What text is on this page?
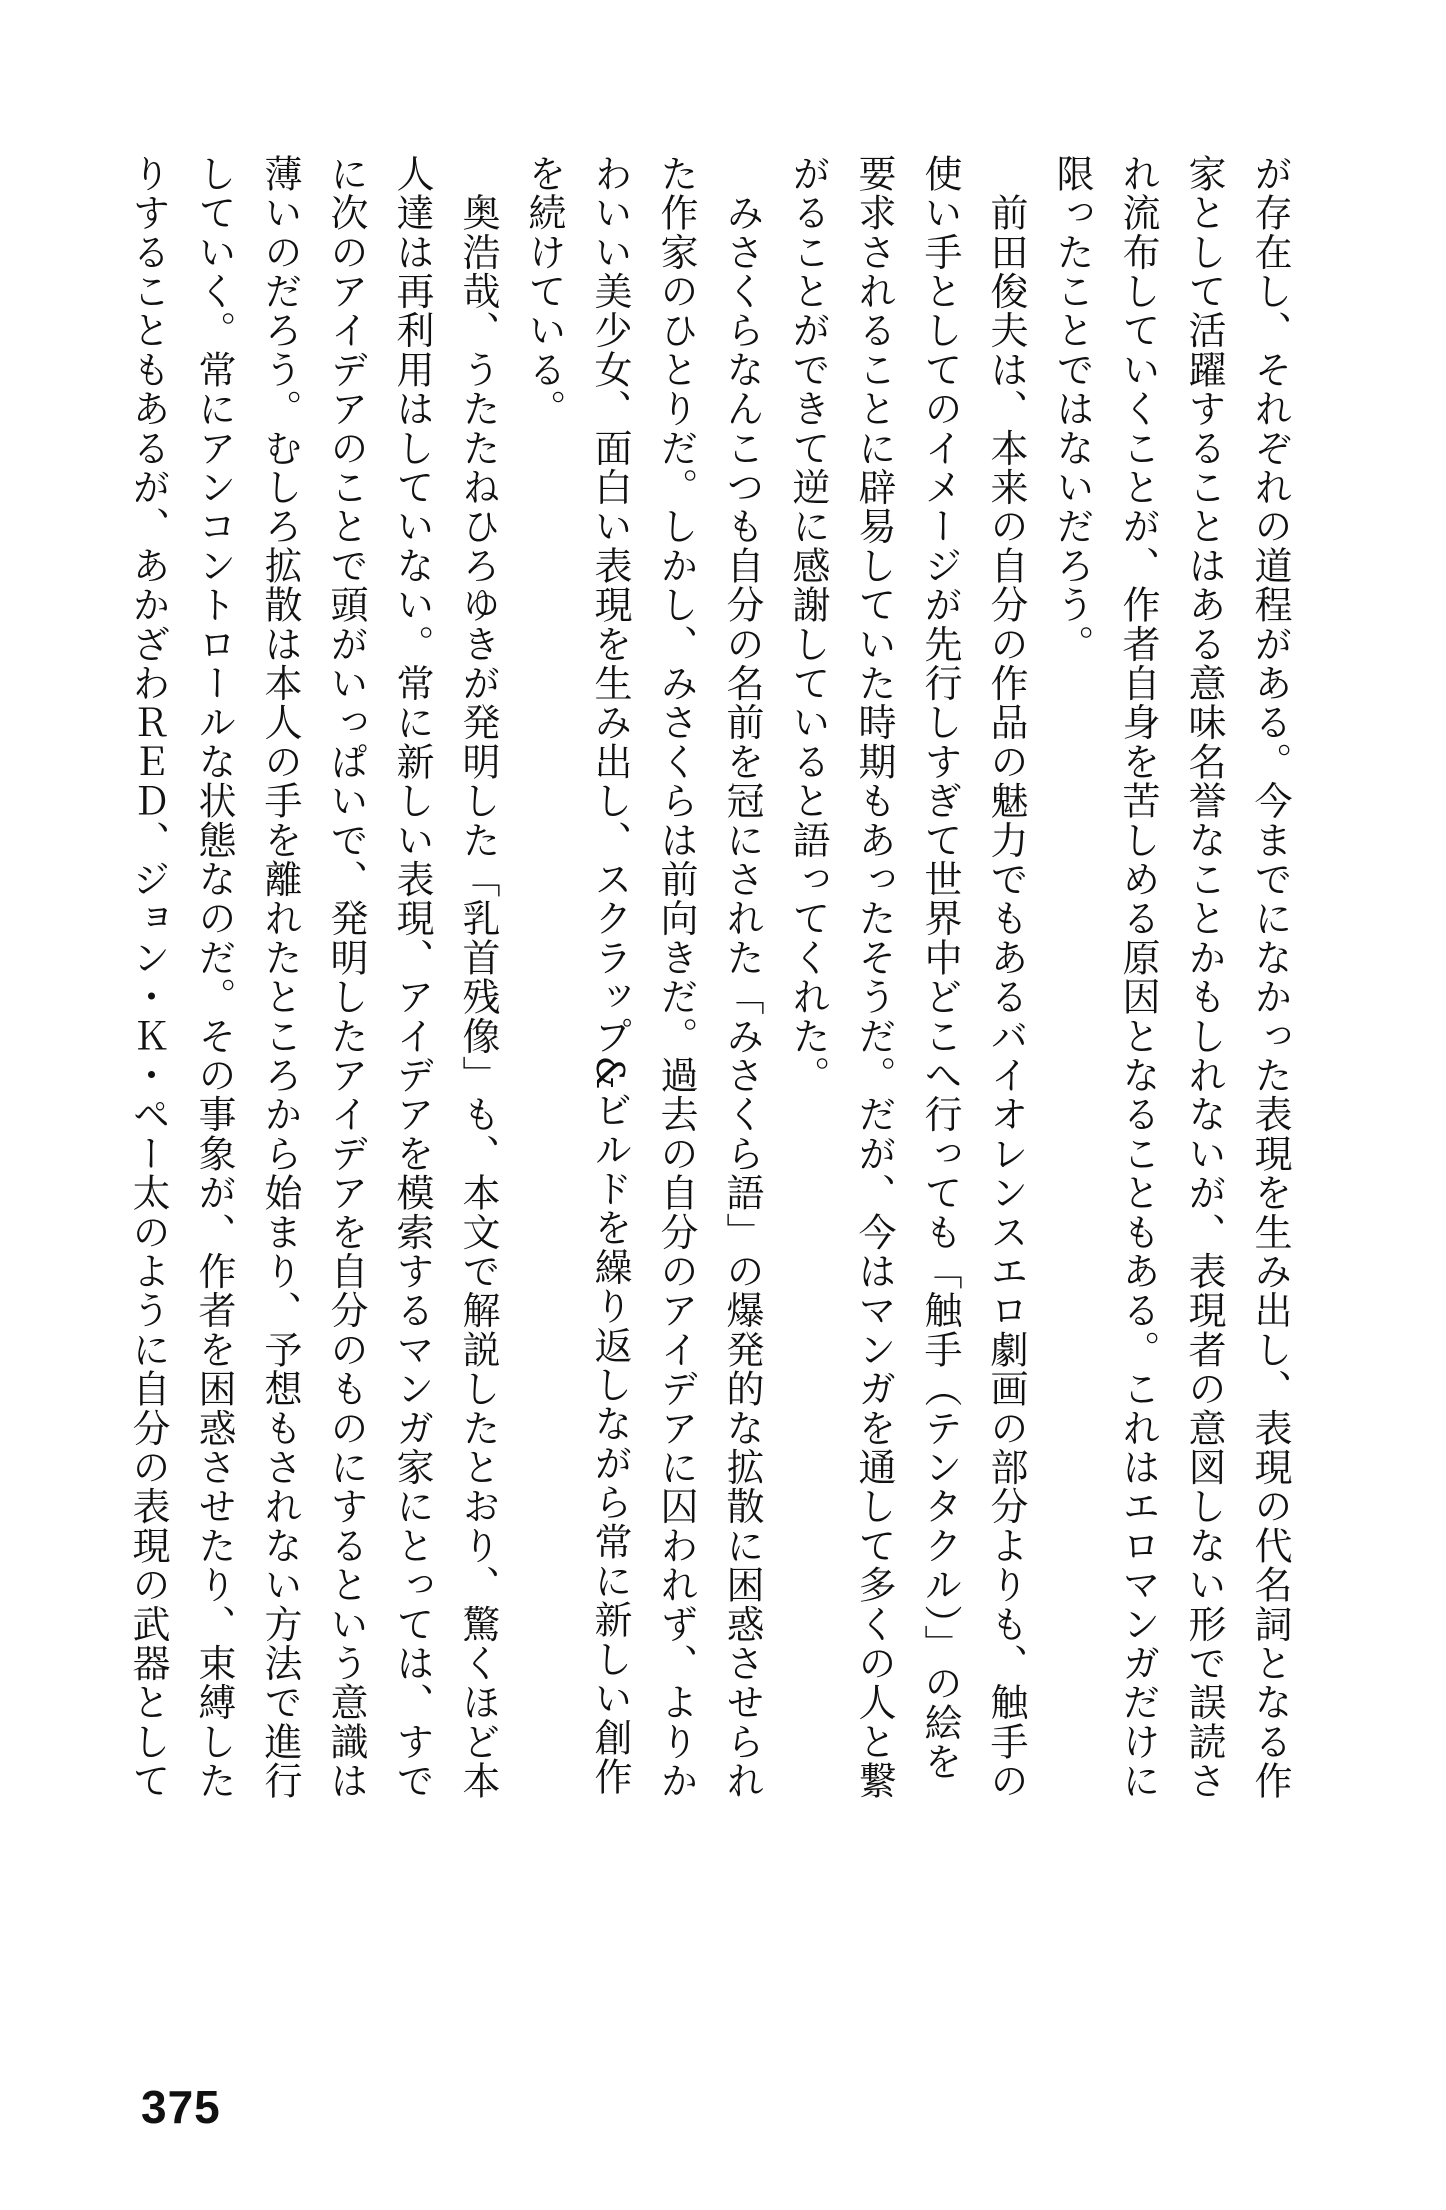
が存在し、それぞれの道程がある。今までになかった表現を生み出し、表現の代名詞となる作
家として活躍することはある意味名誉なことかもしれないが、表現者の意図しない形で誤読さ
れ流布していくことが、作者自身を苦しめる原因となることもある。これはエロマンガだけに
限ったことではないだろう。
　前田俊夫は、本来の自分の作品の魅力でもあるバイオレンスエロ劇画の部分よりも、触手の
使い手としてのイメージが先行しすぎて世界中どこへ行っても「触手（テンタクル）」の絵を
要求されることに辟易していた時期もあったそうだ。だが、今はマンガを通して多くの人と繋
がることができて逆に感謝していると語ってくれた。
　みさくらなんこつも自分の名前を冠にされた「みさくら語」の爆発的な拡散に困惑させられ
た作家のひとりだ。しかし、みさくらは前向きだ。過去の自分のアイデアに囚われず、よりか
わいい美少女、面白い表現を生み出し、スクラップ&ビルドを繰り返しながら常に新しい創作
を続けている。
　奥浩哉、うたたねひろゆきが発明した「乳首残像」も、本文で解説したとおり、驚くほど本
人達は再利用はしていない。常に新しい表現、アイデアを模索するマンガ家にとっては、すで
に次のアイデアのことで頭がいっぱいで、発明したアイデアを自分のものにするという意識は
薄いのだろう。むしろ拡散は本人の手を離れたところから始まり、予想もされない方法で進行
していく。常にアンコントロールな状態なのだ。その事象が、作者を困惑させたり、束縛した
りすることもあるが、あかざわＲＥＤ、ジョン・Ｋ・ペー太のように自分の表現の武器として
375
